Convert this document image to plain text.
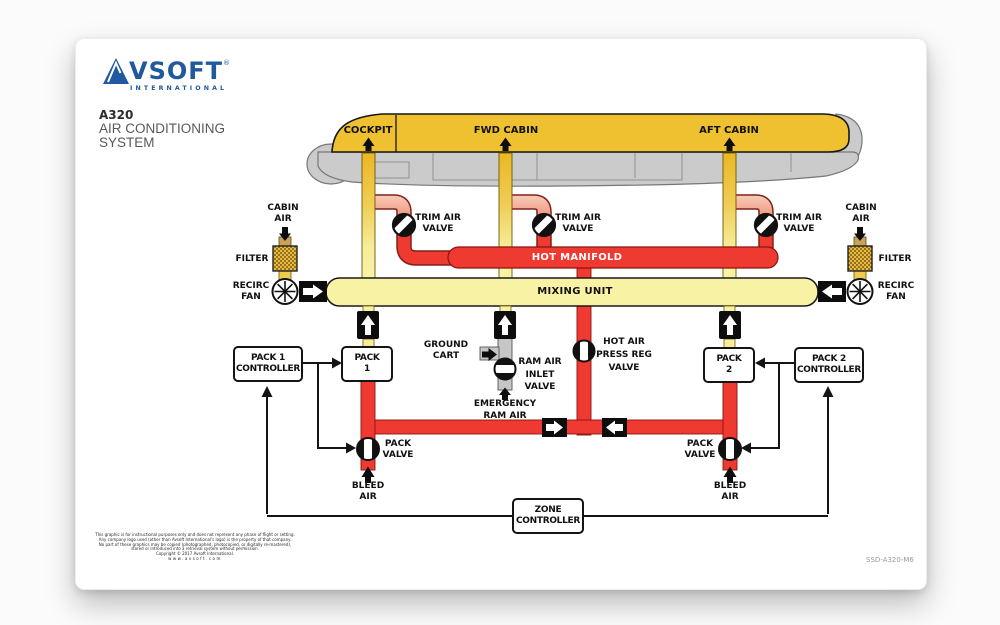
VSOFT ®
INTERNATIONAL
A320
AIR CONDITIONING
SYSTEM
PACK 1
CONTROLLER
PACK
1
PACK
2
PACK 2
CONTROLLER
ZONE
CONTROLLER
COCKPIT	FWD CABIN	AFT CABIN
HOT MANIFOLD
MIXING UNIT
TRIM AIR
VALVE
TRIM AIR
VALVE
TRIM AIR
VALVE
CABIN
AIR
CABIN
AIR
FILTER	FILTER
RECIRC
FAN
RECIRC
FAN
GROUND
CART
RAM AIR
INLET
VALVE
EMERGENCY
RAM AIR
HOT AIR
PRESS REG
VALVE
PACK
VALVE
PACK
VALVE
BLEED
AIR
BLEED
AIR
This graphic is for instructional purposes only and does not represent any phase of flight or setting.
Any company logo used (other than Avsoft International's logo) is the property of that company.
No part of these graphics may be copied (photographed, photocopied, or digitally re-mastered),
stored or introduced into a retrieval system without permission.
Copyright © 2017 Avsoft International.
www.avsoft.com	SSD-A320-M6
